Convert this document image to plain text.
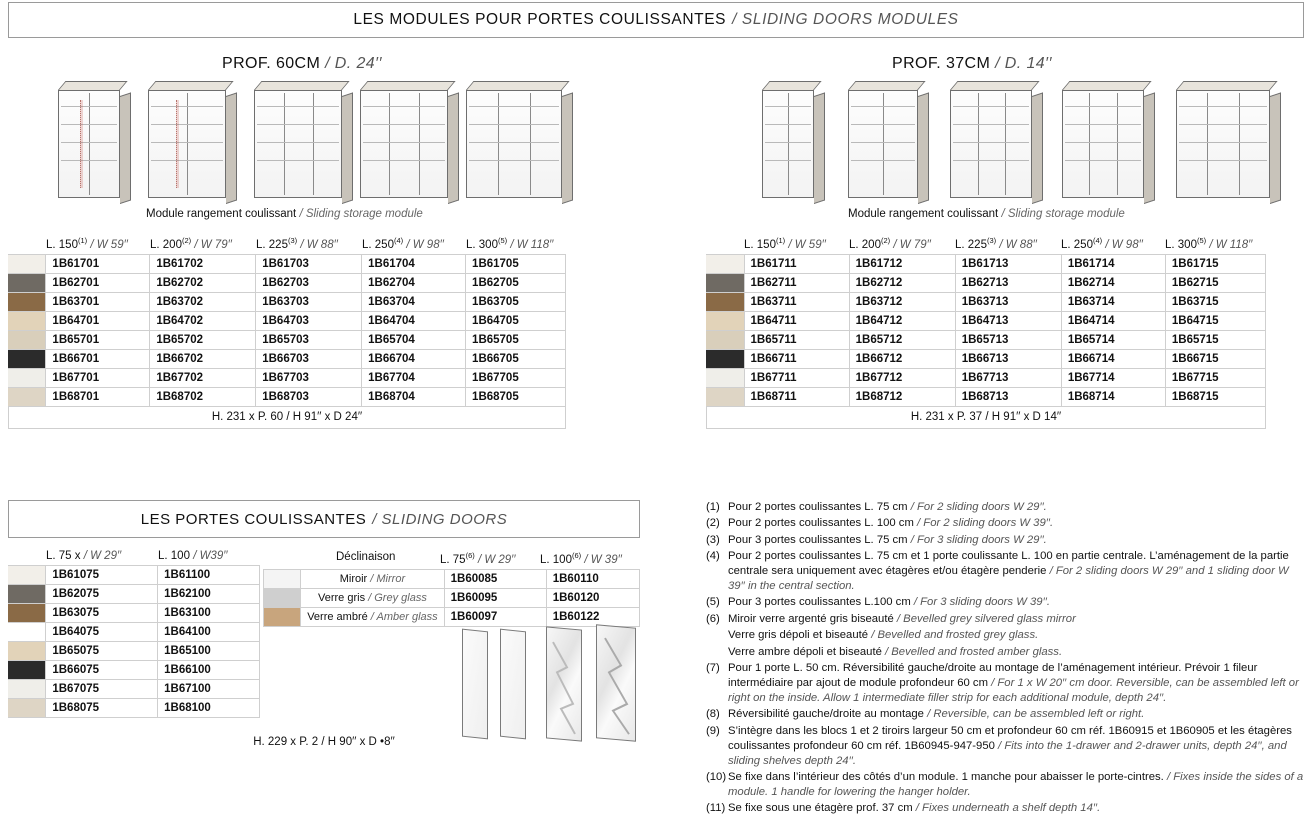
LES MODULES POUR PORTES COULISSANTES / SLIDING DOORS MODULES
PROF. 60CM / D. 24′′
Module rangement coulissant / Sliding storage module
L. 150$^{(1)}$ / W 59′′	L. 200$^{(2)}$ / W 79′′	L. 225$^{(3)}$ / W 88′′	L. 250$^{(4)}$ / W 98′′	L. 300$^{(5)}$ / W 118′′
	1B61701	1B61702	1B61703	1B61704	1B61705

	1B62701	1B62702	1B62703	1B62704	1B62705

	1B63701	1B63702	1B63703	1B63704	1B63705

	1B64701	1B64702	1B64703	1B64704	1B64705

	1B65701	1B65702	1B65703	1B65704	1B65705

	1B66701	1B66702	1B66703	1B66704	1B66705

	1B67701	1B67702	1B67703	1B67704	1B67705

	1B68701	1B68702	1B68703	1B68704	1B68705
H. 231 x P. 60 / H 91′′ x D 24′′
PROF. 37CM / D. 14′′
Module rangement coulissant / Sliding storage module
L. 150$^{(1)}$ / W 59′′	L. 200$^{(2)}$ / W 79′′	L. 225$^{(3)}$ / W 88′′	L. 250$^{(4)}$ / W 98′′	L. 300$^{(5)}$ / W 118′′
	1B61711	1B61712	1B61713	1B61714	1B61715

	1B62711	1B62712	1B62713	1B62714	1B62715

	1B63711	1B63712	1B63713	1B63714	1B63715

	1B64711	1B64712	1B64713	1B64714	1B64715

	1B65711	1B65712	1B65713	1B65714	1B65715

	1B66711	1B66712	1B66713	1B66714	1B66715

	1B67711	1B67712	1B67713	1B67714	1B67715

	1B68711	1B68712	1B68713	1B68714	1B68715
H. 231 x P. 37 / H 91′′ x D 14′′
LES PORTES COULISSANTES / SLIDING DOORS
L. 75 x / W 29′′	L. 100 / W39′′
	1B61075	1B61100

	1B62075	1B62100

	1B63075	1B63100

	1B64075	1B64100

	1B65075	1B65100

	1B66075	1B66100

	1B67075	1B67100

	1B68075	1B68100
H. 229 x P. 2 / H 90′′ x D •8′′
Déclinaison	L. 75$^{(6)}$ / W 29′′	L. 100$^{(6)}$ / W 39′′
	Miroir / Mirror	1B60085	1B60110

	Verre gris / Grey glass	1B60095	1B60120

	Verre ambré / Amber glass	1B60097	1B60122
(1) Pour 2 portes coulissantes L. 75 cm / For 2 sliding doors W 29′′.
(2) Pour 2 portes coulissantes L. 100 cm / For 2 sliding doors W 39′′.
(3) Pour 3 portes coulissantes L. 75 cm / For 3 sliding doors W 29′′.
(4) Pour 2 portes coulissantes L. 75 cm et 1 porte coulissante L. 100 en partie centrale. L’aménagement de la partie centrale sera uniquement avec étagères et/ou étagère penderie / For 2 sliding doors W 29′′ and 1 sliding door W 39′′ in the central section.
(5) Pour 3 portes coulissantes L.100 cm / For 3 sliding doors W 39′′.
(6) Miroir verre argenté gris biseauté / Bevelled grey silvered glass mirror
Verre gris dépoli et biseauté / Bevelled and frosted grey glass.
Verre ambre dépoli et biseauté / Bevelled and frosted amber glass.
(7) Pour 1 porte L. 50 cm. Réversibilité gauche/droite au montage de l’aménagement intérieur. Prévoir 1 fileur intermédiaire par ajout de module profondeur 60 cm / For 1 x W 20′′ cm door. Reversible, can be assembled left or right on the inside. Allow 1 intermediate filler strip for each additional module, depth 24′′.
(8) Réversibilité gauche/droite au montage / Reversible, can be assembled left or right.
(9) S’intègre dans les blocs 1 et 2 tiroirs largeur 50 cm et profondeur 60 cm réf. 1B60915 et 1B60905 et les étagères coulissantes profondeur 60 cm réf. 1B60945-947-950 / Fits into the 1-drawer and 2-drawer units, depth 24′′, and sliding shelves depth 24′′.
(10) Se fixe dans l’intérieur des côtés d’un module. 1 manche pour abaisser le porte-cintres. / Fixes inside the sides of a module. 1 handle for lowering the hanger holder.
(11) Se fixe sous une étagère prof. 37 cm / Fixes underneath a shelf depth 14′′.
